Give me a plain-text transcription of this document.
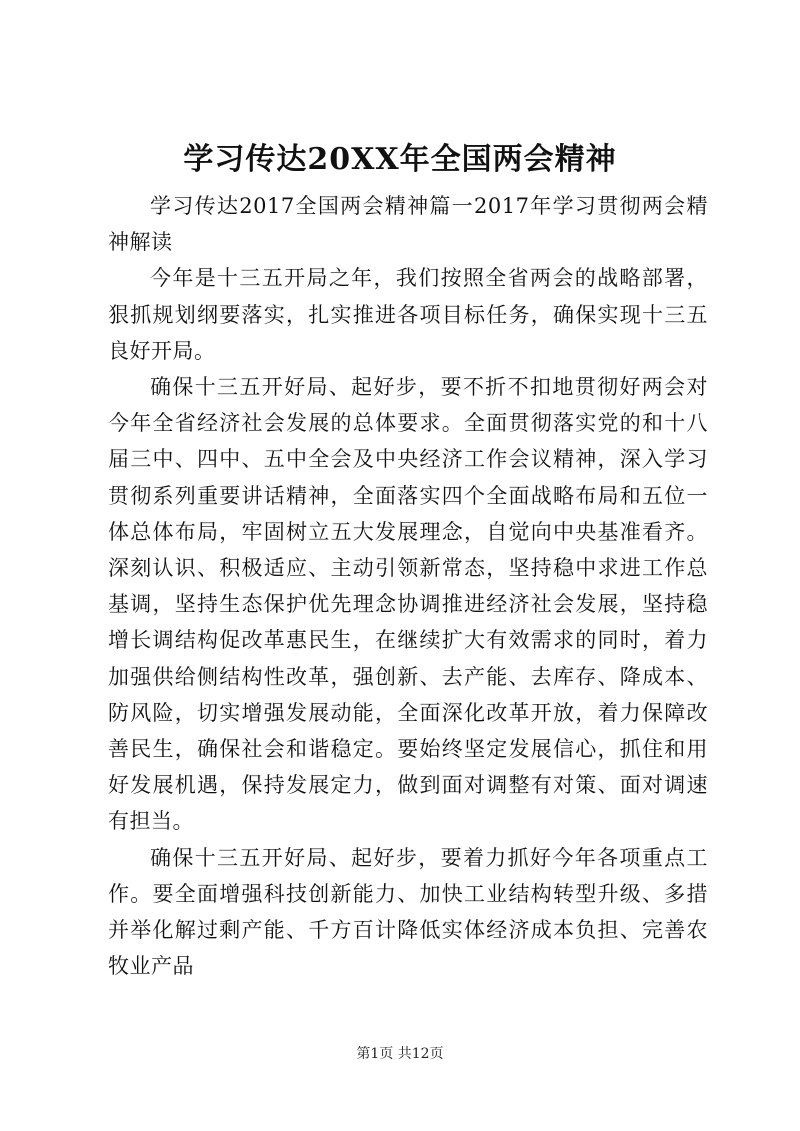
学习传达20XX年全国两会精神

学习传达2017全国两会精神篇一2017年学习贯彻两会精神解读

今年是十三五开局之年，我们按照全省两会的战略部署，狠抓规划纲要落实，扎实推进各项目标任务，确保实现十三五良好开局。

确保十三五开好局、起好步，要不折不扣地贯彻好两会对今年全省经济社会发展的总体要求。全面贯彻落实党的和十八届三中、四中、五中全会及中央经济工作会议精神，深入学习贯彻系列重要讲话精神，全面落实四个全面战略布局和五位一体总体布局，牢固树立五大发展理念，自觉向中央基准看齐。深刻认识、积极适应、主动引领新常态，坚持稳中求进工作总基调，坚持生态保护优先理念协调推进经济社会发展，坚持稳增长调结构促改革惠民生，在继续扩大有效需求的同时，着力加强供给侧结构性改革，强创新、去产能、去库存、降成本、防风险，切实增强发展动能，全面深化改革开放，着力保障改善民生，确保社会和谐稳定。要始终坚定发展信心，抓住和用好发展机遇，保持发展定力，做到面对调整有对策、面对调速有担当。

确保十三五开好局、起好步，要着力抓好今年各项重点工作。要全面增强科技创新能力、加快工业结构转型升级、多措并举化解过剩产能、千方百计降低实体经济成本负担、完善农牧业产品

第1页 共12页
